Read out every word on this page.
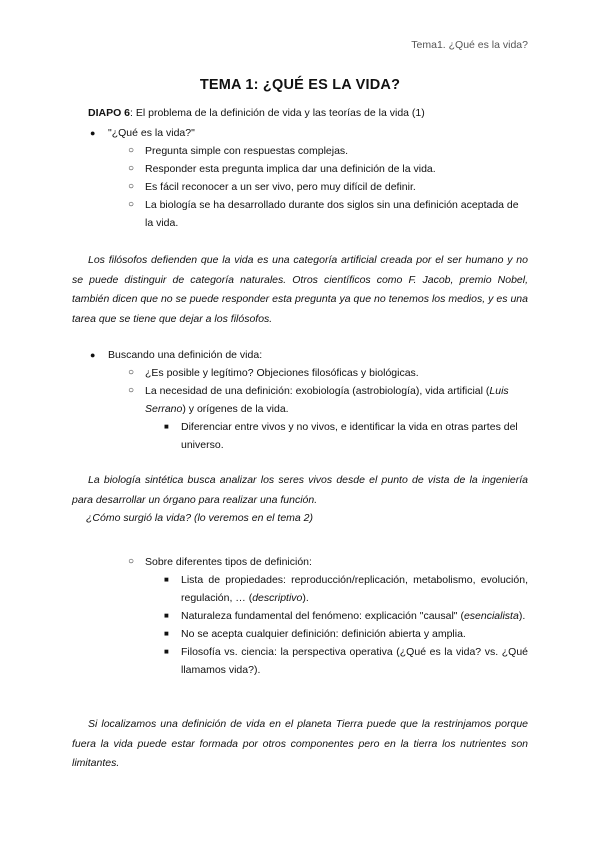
Tema1. ¿Qué es la vida?
TEMA 1: ¿QUÉ ES LA VIDA?
DIAPO 6: El problema de la definición de vida y las teorías de la vida (1)
● "¿Qué es la vida?"
○ Pregunta simple con respuestas complejas.
○ Responder esta pregunta implica dar una definición de la vida.
○ Es fácil reconocer a un ser vivo, pero muy difícil de definir.
○ La biología se ha desarrollado durante dos siglos sin una definición aceptada de la vida.
Los filósofos defienden que la vida es una categoría artificial creada por el ser humano y no se puede distinguir de categoría naturales. Otros científicos como F. Jacob, premio Nobel, también dicen que no se puede responder esta pregunta ya que no tenemos los medios, y es una tarea que se tiene que dejar a los filósofos.
● Buscando una definición de vida:
○ ¿Es posible y legítimo? Objeciones filosóficas y biológicas.
○ La necesidad de una definición: exobiología (astrobiología), vida artificial (Luis Serrano) y orígenes de la vida.
■ Diferenciar entre vivos y no vivos, e identificar la vida en otras partes del universo.
La biología sintética busca analizar los seres vivos desde el punto de vista de la ingeniería para desarrollar un órgano para realizar una función.
¿Cómo surgió la vida? (lo veremos en el tema 2)
○ Sobre diferentes tipos de definición:
■ Lista de propiedades: reproducción/replicación, metabolismo, evolución, regulación, … (descriptivo).
■ Naturaleza fundamental del fenómeno: explicación "causal" (esencialista).
■ No se acepta cualquier definición: definición abierta y amplia.
■ Filosofía vs. ciencia: la perspectiva operativa (¿Qué es la vida? vs. ¿Qué llamamos vida?).
Si localizamos una definición de vida en el planeta Tierra puede que la restrinjamos porque fuera la vida puede estar formada por otros componentes pero en la tierra los nutrientes son limitantes.
